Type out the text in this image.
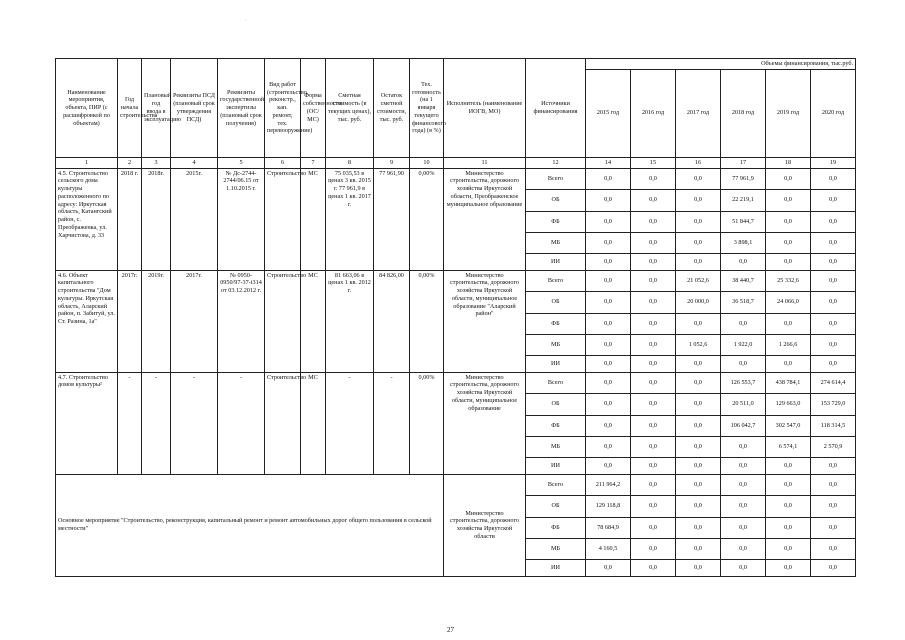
·
Наименование мероприятия, объекта, ПИР (с расшифровкой по объектам)	Год начала строительства	Плановый год ввода в эксплуатацию	Реквизиты ПСД (плановый срок утверждения ПСД)	Реквизиты государственной экспертизы (плановый срок получения)	Вид работ (строительство, реконстр., кап. ремонт, тех. перевооружение)	Форма собственности (ОС/МС)	Сметная стоимость (в текущих ценах), тыс. руб.	Остаток сметной стоимости, тыс. руб.	Тех. готовность (на 1 января текущего финансового года) (в %)	Исполнитель (наименование ИОГВ, МО)	Источники финансирования	Объемы финансирования, тыс.руб.					
												2015 год	2016 год	2017 год	2018 год	2019 год	2020 год
1	2	3	4	5	6	7	8	9	10	11	12	14	15	16	17	18	19
4.5. Строительство сельского дома культуры расположенного по адресу: Иркутская область, Катангский район, с. Преображенка, ул. Харчистова, д. 33	2018 г.	2018г.	2015г.	№ Дс-2744-2744/06.15 от 1.10.2015 г.	Строительство	МС	75 035,53 в ценах 3 кв. 2015 г. 77 961,9 в ценах 1 кв. 2017 г.	77 961,90	0,00%	Министерство строительства, дорожного хозяйства Иркутской области, Преображенское муниципальное образование	Всего	0,0	0,0	0,0	77 961,9	0,0	0,0
											ОБ	0,0	0,0	0,0	22 219,1	0,0	0,0
											ФБ	0,0	0,0	0,0	51 844,7	0,0	0,0
											МБ	0,0	0,0	0,0	3 898,1	0,0	0,0
											ИИ	0,0	0,0	0,0	0,0	0,0	0,0
4.6. Объект капитального строительства "Дом культуры. Иркутская область, Аларский район, п. Забитуй, ул. Ст. Разина, 1а"	2017г.	2019г.	2017г.	№ 0950-0950/97-37-i314 от 03.12.2012 г.	Строительство	МС	81 663,06 в ценах 1 кв. 2012 г.	84 826,00	0,00%	Министерство строительства, дорожного хозяйства Иркутской области, муниципальное образование "Аларский район"	Всего	0,0	0,0	21 052,6	38 440,7	25 332,6	0,0
											ОБ	0,0	0,0	20 000,0	36 518,7	24 066,0	0,0
											ФБ	0,0	0,0	0,0	0,0	0,0	0,0
											МБ	0,0	0,0	1 052,6	1 922,0	1 266,6	0,0
											ИИ	0,0	0,0	0,0	0,0	0,0	0,0
4.7. Строительство домов культуры²	-	-	-	-	Строительство	МС	-	-	0,00%	Министерство строительства, дорожного хозяйства Иркутской области, муниципальное образование	Всего	0,0	0,0	0,0	126 553,7	438 784,1	274 614,4
											ОБ	0,0	0,0	0,0	20 511,0	129 663,0	153 729,0
											ФБ	0,0	0,0	0,0	106 042,7	302 547,0	118 314,5
											МБ	0,0	0,0	0,0	0,0	6 574,1	2 570,9
											ИИ	0,0	0,0	0,0	0,0	0,0	0,0
Основное мероприятие "Строительство, реконструкция, капитальный ремонт и ремонт автомобильных дорог общего пользования в сельской местности"										Министерство строительства, дорожного хозяйства Иркутской области	Всего	211 964,2	0,0	0,0	0,0	0,0	0,0
											ОБ	129 118,8	0,0	0,0	0,0	0,0	0,0
											ФБ	78 684,9	0,0	0,0	0,0	0,0	0,0
											МБ	4 160,5	0,0	0,0	0,0	0,0	0,0
											ИИ	0,0	0,0	0,0	0,0	0,0	0,0
27
